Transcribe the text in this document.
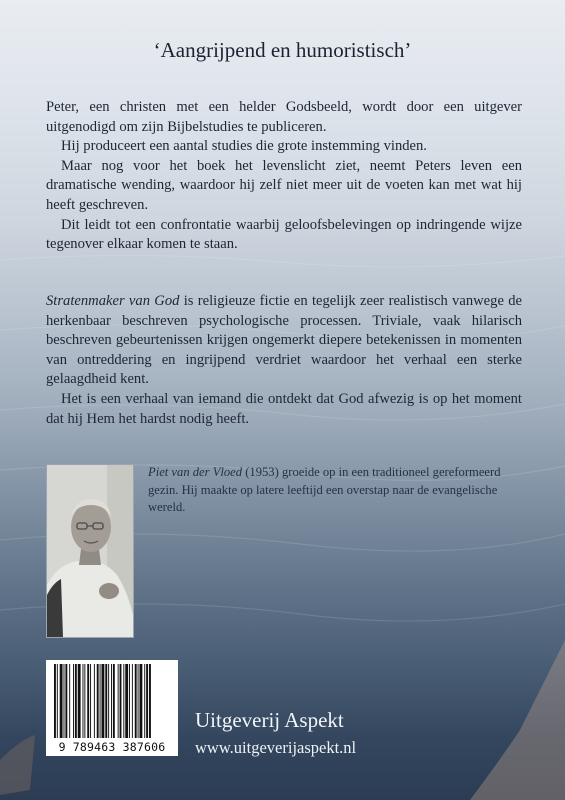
‘Aangrijpend en humoristisch’

Peter, een christen met een helder Godsbeeld, wordt door een uitgever uitgenodigd om zijn Bijbelstudies te publiceren.

Hij produceert een aantal studies die grote instemming vinden.

Maar nog voor het boek het levenslicht ziet, neemt Peters leven een dramatische wending, waardoor hij zelf niet meer uit de voeten kan met wat hij heeft geschreven.

Dit leidt tot een confrontatie waarbij geloofsbelevingen op indringende wijze tegenover elkaar komen te staan.

Stratenmaker van God is religieuze fictie en tegelijk zeer realistisch vanwege de herkenbaar beschreven psychologische processen. Triviale, vaak hilarisch beschreven gebeurtenissen krijgen ongemerkt diepere betekenissen in momenten van ontreddering en ingrijpend verdriet waardoor het verhaal een sterke gelaagdheid kent.

Het is een verhaal van iemand die ontdekt dat God afwezig is op het moment dat hij Hem het hardst nodig heeft.

Piet van der Vloed (1953) groeide op in een traditioneel gereformeerd gezin. Hij maakte op latere leeftijd een overstap naar de evangelische wereld.
9 789463 387606
Uitgeverij Aspekt
www.uitgeverijaspekt.nl
